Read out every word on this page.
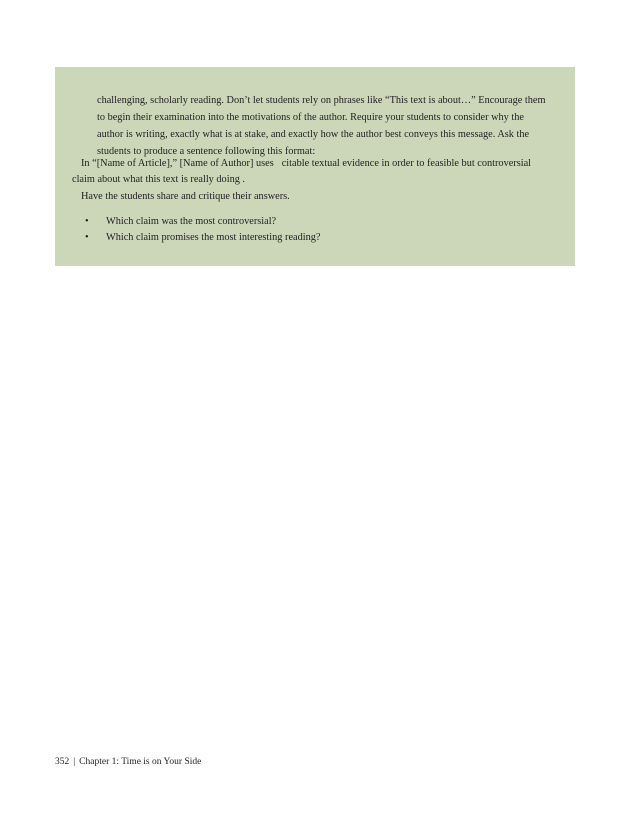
challenging, scholarly reading. Don’t let students rely on phrases like “This text is about…” Encourage them
to begin their examination into the motivations of the author. Require your students to consider why the
author is writing, exactly what is at stake, and exactly how the author best conveys this message. Ask the
students to produce a sentence following this format:

In “[Name of Article],” [Name of Author] uses citable textual evidence in order to feasible but controversial
claim about what this text is really doing .

Have the students share and critique their answers.

•	Which claim was the most controversial?
•	Which claim promises the most interesting reading?
352 | Chapter 1: Time is on Your Side
